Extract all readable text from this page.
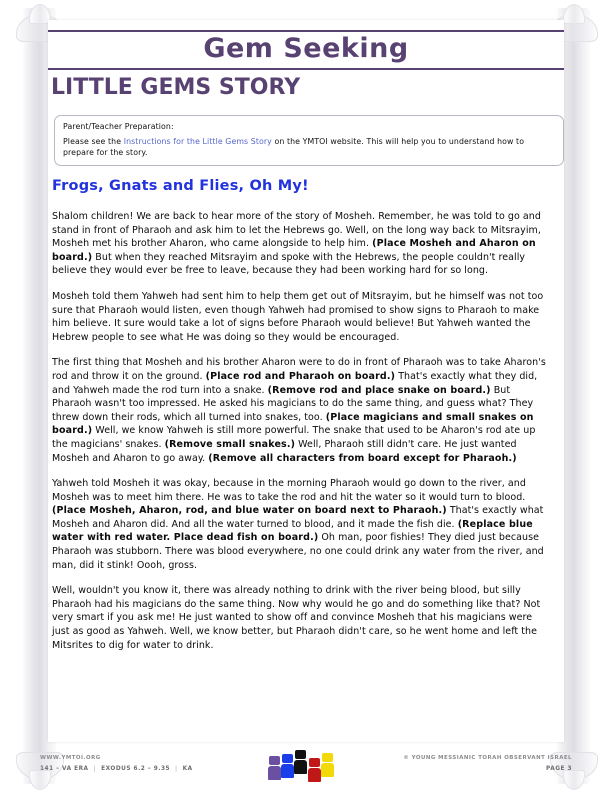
Gem Seeking
LITTLE GEMS STORY
Parent/Teacher Preparation:
Please see the Instructions for the Little Gems Story on the YMTOI website. This will help you to understand how to prepare for the story.
Frogs, Gnats and Flies, Oh My!

Shalom children! We are back to hear more of the story of Mosheh. Remember, he was told to go and stand in front of Pharaoh and ask him to let the Hebrews go. Well, on the long way back to Mitsrayim, Mosheh met his brother Aharon, who came alongside to help him. (Place Mosheh and Aharon on board.) But when they reached Mitsrayim and spoke with the Hebrews, the people couldn't really believe they would ever be free to leave, because they had been working hard for so long.

Mosheh told them Yahweh had sent him to help them get out of Mitsrayim, but he himself was not too sure that Pharaoh would listen, even though Yahweh had promised to show signs to Pharaoh to make him believe. It sure would take a lot of signs before Pharaoh would believe! But Yahweh wanted the Hebrew people to see what He was doing so they would be encouraged.

The first thing that Mosheh and his brother Aharon were to do in front of Pharaoh was to take Aharon's rod and throw it on the ground. (Place rod and Pharaoh on board.) That's exactly what they did, and Yahweh made the rod turn into a snake. (Remove rod and place snake on board.) But Pharaoh wasn't too impressed. He asked his magicians to do the same thing, and guess what? They threw down their rods, which all turned into snakes, too. (Place magicians and small snakes on board.) Well, we know Yahweh is still more powerful. The snake that used to be Aharon's rod ate up the magicians' snakes. (Remove small snakes.) Well, Pharaoh still didn't care. He just wanted Mosheh and Aharon to go away. (Remove all characters from board except for Pharaoh.)

Yahweh told Mosheh it was okay, because in the morning Pharaoh would go down to the river, and Mosheh was to meet him there. He was to take the rod and hit the water so it would turn to blood. (Place Mosheh, Aharon, rod, and blue water on board next to Pharaoh.) That's exactly what Mosheh and Aharon did. And all the water turned to blood, and it made the fish die. (Replace blue water with red water. Place dead fish on board.) Oh man, poor fishies! They died just because Pharaoh was stubborn. There was blood everywhere, no one could drink any water from the river, and man, did it stink! Oooh, gross.

Well, wouldn't you know it, there was already nothing to drink with the river being blood, but silly Pharaoh had his magicians do the same thing. Now why would he go and do something like that? Not very smart if you ask me! He just wanted to show off and convince Mosheh that his magicians were just as good as Yahweh. Well, we know better, but Pharaoh didn't care, so he went home and left the Mitsrites to dig for water to drink.

WWW.YMTOI.ORG
141 – VA ERA | EXODUS 6.2 – 9.35 | KA
© YOUNG MESSIANIC TORAH OBSERVANT ISRAEL
PAGE 3
